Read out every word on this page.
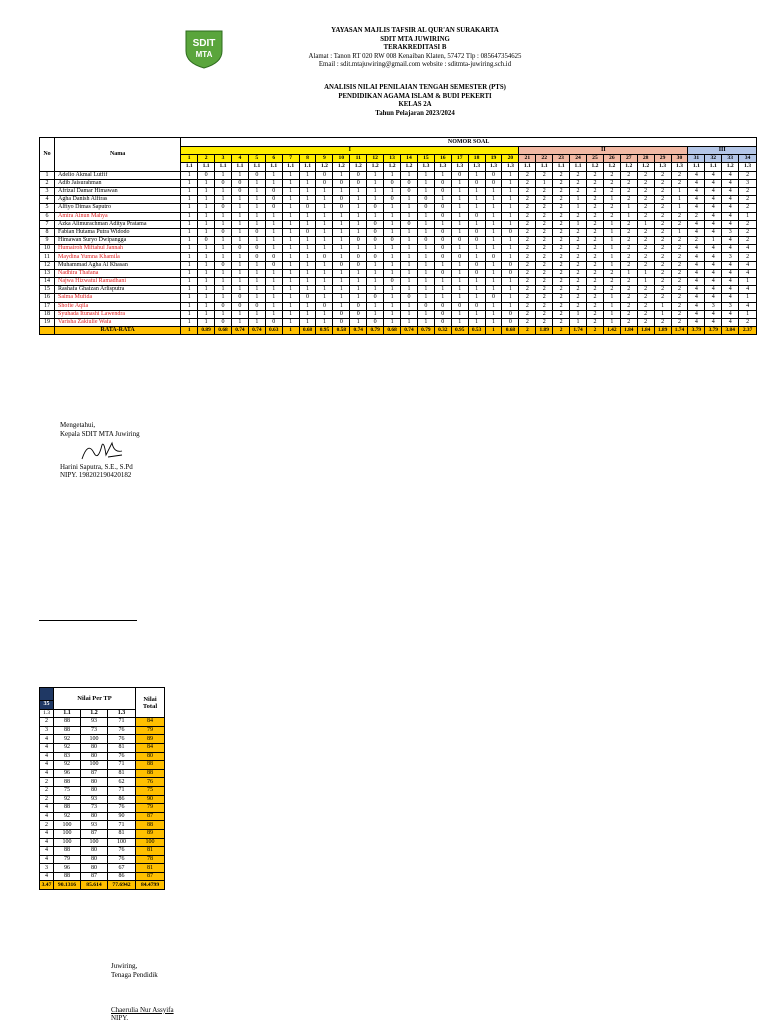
SDIT
MTA
YAYASAN MAJLIS TAFSIR AL QUR'AN SURAKARTA
SDIT MTA JUWIRING
TERAKREDITASI B
Alamat : Tanon RT 020 RW 008 Kenaiban Klaten, 57472 Tlp : 085647354625
Email : sdit.mtajuwiring@gmail.com website : sditmta-juwiring.sch.id
ANALISIS NILAI PENILAIAN TENGAH SEMESTER (PTS)
PENDIDIKAN AGAMA ISLAM & BUDI PEKERTI
KELAS 2A
Tahun Pelajaran 2023/2024
No	Nama	NOMOR SOAL																																	
		I																				II										III			
		1	2	3	4	5	6	7	8	9	10	11	12	13	14	15	16	17	18	19	20	21	22	23	24	25	26	27	28	29	30	31	32	33	34
		1.1	1.1	1.1	1.1	1.1	1.1	1.1	1.1	1.2	1.2	1.2	1.2	1.2	1.2	1.3	1.3	1.3	1.3	1.3	1.3	1.1	1.1	1.1	1.1	1.2	1.2	1.2	1.2	1.3	1.3	1.1	1.1	1.2	1.3
1	Adelio Akmal Lutfif	1	0	1	1	0	1	1	1	0	1	0	1	1	1	1	1	0	1	0	1	2	2	2	2	2	2	2	2	2	2	4	4	4	2
2	Adib Jaisurahman	1	1	0	0	1	1	1	1	0	0	0	1	0	0	1	0	1	0	0	1	2	1	2	2	2	2	2	2	2	2	4	4	4	3
3	Afrizal Damar Himawan	1	1	1	0	1	0	1	1	1	1	1	1	1	0	1	0	1	1	1	1	2	2	2	2	2	2	2	2	2	1	4	4	4	2
4	Agha Danish Alfiras	1	1	1	1	1	0	1	1	1	0	1	1	0	1	0	1	1	1	1	1	2	2	2	1	2	1	2	2	2	1	4	4	4	2
5	Alfiyo Dimas Saputro	1	1	0	1	1	0	1	0	1	0	1	0	1	1	0	0	1	1	1	1	2	2	2	1	2	2	1	2	2	1	4	4	4	2
6	Amira Ainun Mahya	1	1	1	1	1	1	1	1	1	1	1	1	1	1	1	0	1	0	1	1	2	2	2	2	2	2	1	2	2	2	2	4	4	1
7	Azka Alimurachman Aditya Pratama	1	1	1	1	1	1	1	1	1	1	1	0	1	0	1	1	1	1	1	1	2	2	2	1	2	1	2	1	2	2	4	4	4	2
8	Fabian Hutama Putra Widodo	1	1	0	1	0	1	1	0	1	1	1	0	1	1	1	0	1	0	1	0	2	2	2	2	2	1	2	2	2	1	4	4	3	2
9	Himawan Suryo Dwipangga	1	0	1	1	1	1	1	1	1	1	0	0	0	1	0	0	0	0	1	1	2	2	2	2	2	1	2	2	2	2	2	1	4	2
10	Humairoh Miftahul Jannah	1	1	1	0	0	1	1	1	1	1	1	1	1	1	1	0	1	1	1	1	2	2	2	2	2	1	2	2	2	2	4	4	4	4
11	Maydina Yumna Khamila	1	1	1	1	0	0	1	1	0	1	0	0	1	1	1	0	0	1	0	1	2	2	2	2	2	1	2	2	2	2	4	4	3	2
12	Muhammad Agha Al Khasan	1	1	0	1	1	0	1	1	1	0	0	1	1	1	1	1	1	0	1	0	2	2	2	2	2	1	2	2	2	2	4	4	4	4
13	Nadhira Thafana	1	1	1	1	1	1	1	1	1	1	1	1	1	1	1	0	1	0	1	0	2	2	2	2	2	2	1	1	2	2	4	4	4	4
14	Najwa Hizwatul Ramadhani	1	1	1	1	1	1	1	1	1	1	1	1	0	1	1	1	1	1	1	1	2	2	2	2	2	2	2	1	2	2	4	4	4	1
15	Rashafa Ghaizan Arlisputra	1	1	1	1	1	1	1	1	1	1	1	1	1	1	1	1	1	1	1	1	2	2	2	2	2	2	2	2	2	2	4	4	4	4
16	Salma Mufida	1	1	1	0	1	1	1	0	1	1	1	0	1	0	1	1	1	1	0	1	2	2	2	2	2	1	2	2	2	2	4	4	4	1
17	Shofie Aqila	1	1	0	0	0	1	1	1	0	1	0	1	1	1	0	0	0	0	1	1	2	2	2	2	2	1	2	2	1	2	4	3	3	4
18	Syuhada Itunashi Lawendra	1	1	1	1	1	1	1	1	1	0	0	1	1	1	1	0	1	1	1	0	2	2	2	1	2	1	2	2	1	2	4	4	4	1
19	Varisha Zakiulie Wafa	1	1	0	1	1	0	1	1	1	0	1	0	1	1	1	0	1	1	1	0	2	2	2	1	2	1	2	2	2	2	4	4	4	2
	RATA-RATA	1	0.89	0.68	0.74	0.74	0.63	1	0.68	0.95	0.58	0.74	0.79	0.68	0.74	0.79	0.32	0.95	0.53	1	0.68	2	1.89	2	1.74	2	1.42	1.84	1.84	1.89	1.74	3.79	3.79	3.84	2.37
Mengetahui,
Kepala SDIT MTA Juwiring
Harini Saputra, S.E., S.Pd
NIPY. 198202190420182
	Nilai Per TP			Nilai Total
35				
1.3	1.1	1.2	1.3	
2	88	93	71	84
3	88	73	76	79
4	92	100	76	89
4	92	80	81	84
4	83	80	76	80
4	92	100	71	88
4	96	87	81	88
2	88	80	62	76
2	75	80	71	75
2	92	93	86	90
4	88	73	76	79
4	92	80	90	87
2	100	93	71	88
4	100	87	81	89
4	100	100	100	100
4	88	80	76	81
4	79	80	76	78
3	96	80	67	81
4	88	87	86	87
3.47	90.1316	85.614	77.6942	84.4799
Juwiring,
Tenaga Pendidik
Chaerulia Nur Assyifa
NIPY.
